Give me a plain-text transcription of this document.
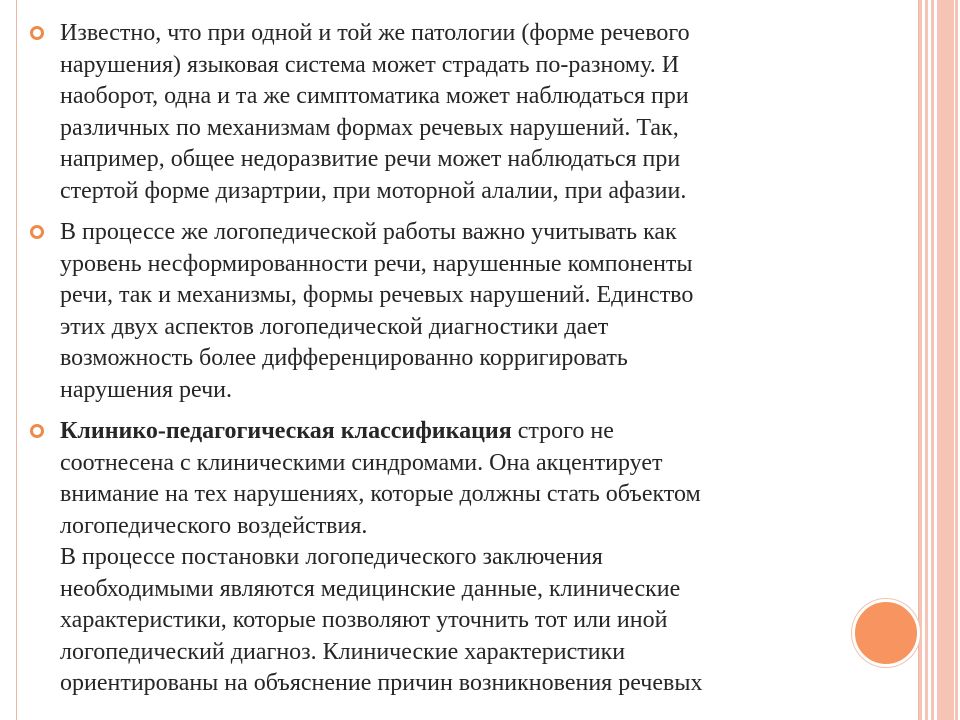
Известно, что при одной и той же патологии (форме речевого
нарушения) языковая система может страдать по-разному. И
наоборот, одна и та же симптоматика может наблюдаться при
различных по механизмам формах речевых нарушений. Так,
например, общее недоразвитие речи может наблюдаться при
стертой форме дизартрии, при моторной алалии, при афазии.
В процессе же логопедической работы важно учитывать как
уровень несформированности речи, нарушенные компоненты
речи, так и механизмы, формы речевых нарушений. Единство
этих двух аспектов логопедической диагностики дает
возможность более дифференцированно корригировать
нарушения речи.
Клинико-педагогическая классификация строго не
соотнесена с клиническими синдромами. Она акцентирует
внимание на тех нарушениях, которые должны стать объектом
логопедического воздействия.
В процессе постановки логопедического заключения
необходимыми являются медицинские данные, клинические
характеристики, которые позволяют уточнить тот или иной
логопедический диагноз. Клинические характеристики
ориентированы на объяснение причин возникновения речевых
